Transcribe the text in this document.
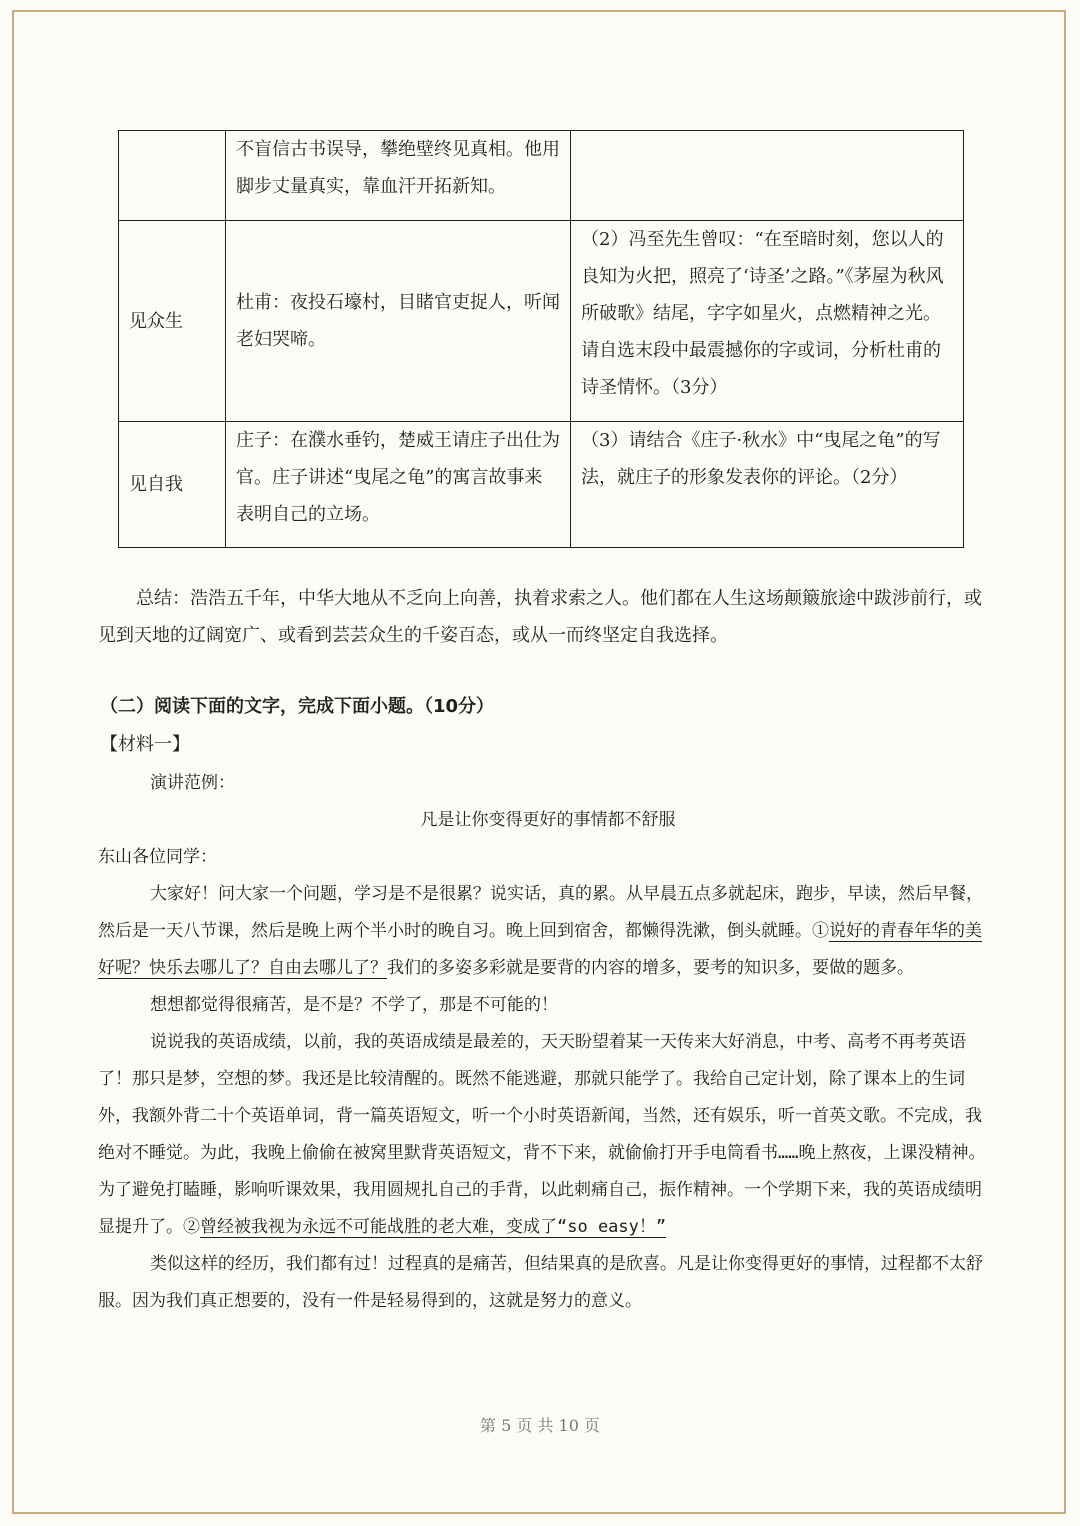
	不盲信古书误导，攀绝壁终见真相。他用脚步丈量真实，靠血汗开拓新知。	
见众生	杜甫：夜投石壕村，目睹官吏捉人，听闻老妇哭啼。	（2）冯至先生曾叹：“在至暗时刻，您以人的良知为火把，照亮了‘诗圣’之路。”《茅屋为秋风所破歌》结尾，字字如星火，点燃精神之光。请自选末段中最震撼你的字或词，分析杜甫的诗圣情怀。（3分）
见自我	庄子：在濮水垂钓，楚威王请庄子出仕为官。庄子讲述“曳尾之龟”的寓言故事来表明自己的立场。	（3）请结合《庄子·秋水》中“曳尾之龟”的写法，就庄子的形象发表你的评论。（2分）

总结：浩浩五千年，中华大地从不乏向上向善，执着求索之人。他们都在人生这场颠簸旅途中跋涉前行，或见到天地的辽阔宽广、或看到芸芸众生的千姿百态，或从一而终坚定自我选择。

（二）阅读下面的文字，完成下面小题。（10分）
【材料一】

演讲范例：

凡是让你变得更好的事情都不舒服

东山各位同学：

大家好！问大家一个问题，学习是不是很累？说实话，真的累。从早晨五点多就起床，跑步，早读，然后早餐，然后是一天八节课，然后是晚上两个半小时的晚自习。晚上回到宿舍，都懒得洗漱，倒头就睡。①说好的青春年华的美好呢？快乐去哪儿了？自由去哪儿了？我们的多姿多彩就是要背的内容的增多，要考的知识多，要做的题多。

想想都觉得很痛苦，是不是？不学了，那是不可能的！

说说我的英语成绩，以前，我的英语成绩是最差的，天天盼望着某一天传来大好消息，中考、高考不再考英语了！那只是梦，空想的梦。我还是比较清醒的。既然不能逃避，那就只能学了。我给自己定计划，除了课本上的生词外，我额外背二十个英语单词，背一篇英语短文，听一个小时英语新闻，当然，还有娱乐，听一首英文歌。不完成，我绝对不睡觉。为此，我晚上偷偷在被窝里默背英语短文，背不下来，就偷偷打开手电筒看书……晚上熬夜，上课没精神。为了避免打瞌睡，影响听课效果，我用圆规扎自己的手背，以此刺痛自己，振作精神。一个学期下来，我的英语成绩明显提升了。②曾经被我视为永远不可能战胜的老大难，变成了“so easy！”

类似这样的经历，我们都有过！过程真的是痛苦，但结果真的是欣喜。凡是让你变得更好的事情，过程都不太舒服。因为我们真正想要的，没有一件是轻易得到的，这就是努力的意义。

第 5 页 共 10 页
